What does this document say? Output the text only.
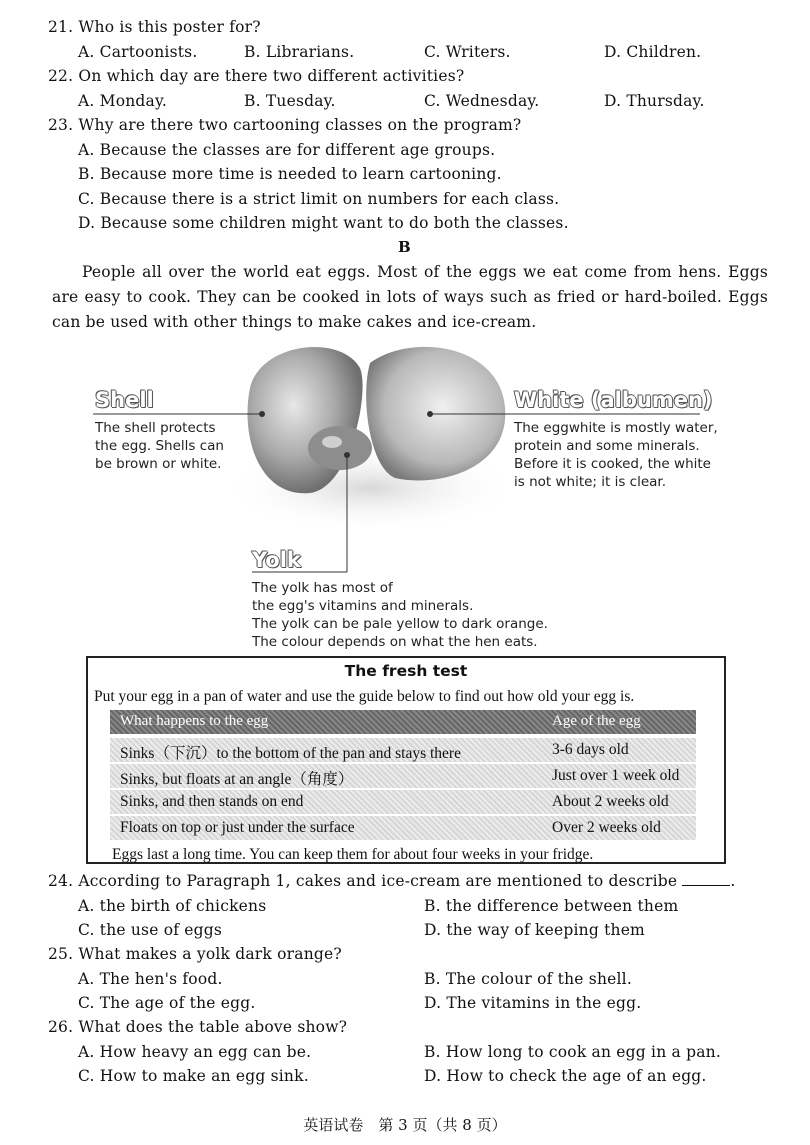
21. Who is this poster for?
A. Cartoonists.	B. Librarians.	C. Writers.	D. Children.
22. On which day are there two different activities?
A. Monday.	B. Tuesday.	C. Wednesday.	D. Thursday.
23. Why are there two cartooning classes on the program?
A. Because the classes are for different age groups.
B. Because more time is needed to learn cartooning.
C. Because there is a strict limit on numbers for each class.
D. Because some children might want to do both the classes.
B
People all over the world eat eggs. Most of the eggs we eat come from hens. Eggs are easy to cook. They can be cooked in lots of ways such as fried or hard-boiled. Eggs can be used with other things to make cakes and ice-cream.
Shell
The shell protects
the egg. Shells can
be brown or white.
White (albumen)
The eggwhite is mostly water,
protein and some minerals.
Before it is cooked, the white
is not white; it is clear.
Yolk
The yolk has most of
the egg's vitamins and minerals.
The yolk can be pale yellow to dark orange.
The colour depends on what the hen eats.
The fresh test
Put your egg in a pan of water and use the guide below to find out how old your egg is.
What happens to the egg	Age of the egg
Sinks（下沉）to the bottom of the pan and stays there	3-6 days old
Sinks, but floats at an angle（角度）	Just over 1 week old
Sinks, and then stands on end	About 2 weeks old
Floats on top or just under the surface	Over 2 weeks old
Eggs last a long time. You can keep them for about four weeks in your fridge.
24. According to Paragraph 1, cakes and ice-cream are mentioned to describe	.
A. the birth of chickens	B. the difference between them
C. the use of eggs	D. the way of keeping them
25. What makes a yolk dark orange?
A. The hen's food.	B. The colour of the shell.
C. The age of the egg.	D. The vitamins in the egg.
26. What does the table above show?
A. How heavy an egg can be.	B. How long to cook an egg in a pan.
C. How to make an egg sink.	D. How to check the age of an egg.
英语试卷　第 3 页（共 8 页）
